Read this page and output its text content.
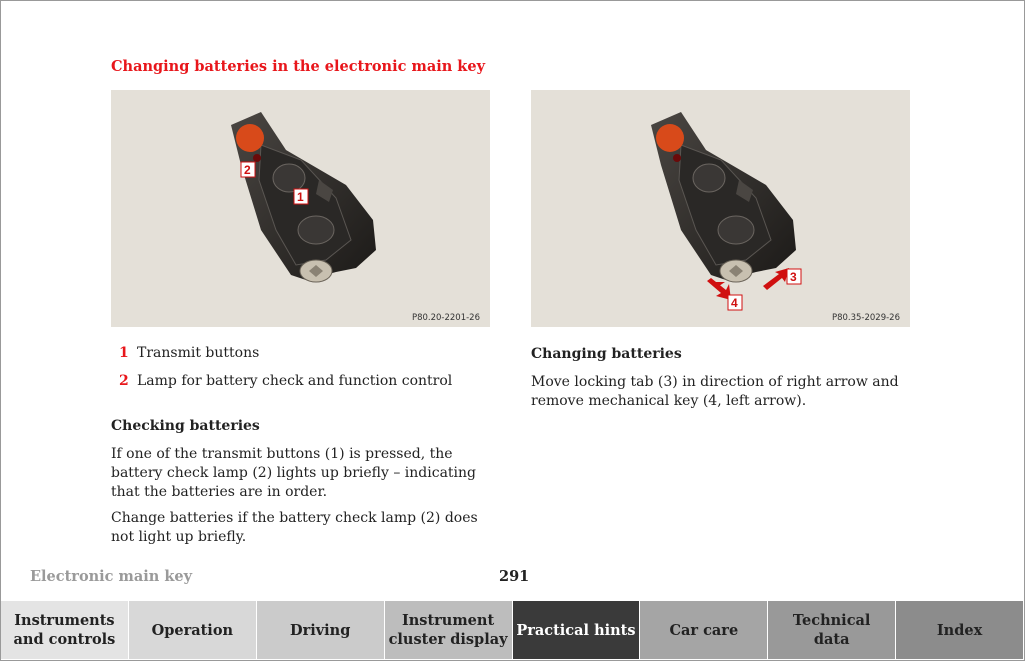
Changing batteries in the electronic main key
2
1
P80.20-2201-26
3
4
P80.35-2029-26
1 Transmit buttons
2 Lamp for battery check and function control
Checking batteries
If one of the transmit buttons (1) is pressed, the battery check lamp (2) lights up briefly – indicating that the batteries are in order.
Change batteries if the battery check lamp (2) does not light up briefly.
Changing batteries
Move locking tab (3) in direction of right arrow and remove mechanical key (4, left arrow).
Electronic main key	291
Instruments
and controls
Operation	Driving
Instrument
cluster display
Practical hints	Car care
Technical
data
Index
